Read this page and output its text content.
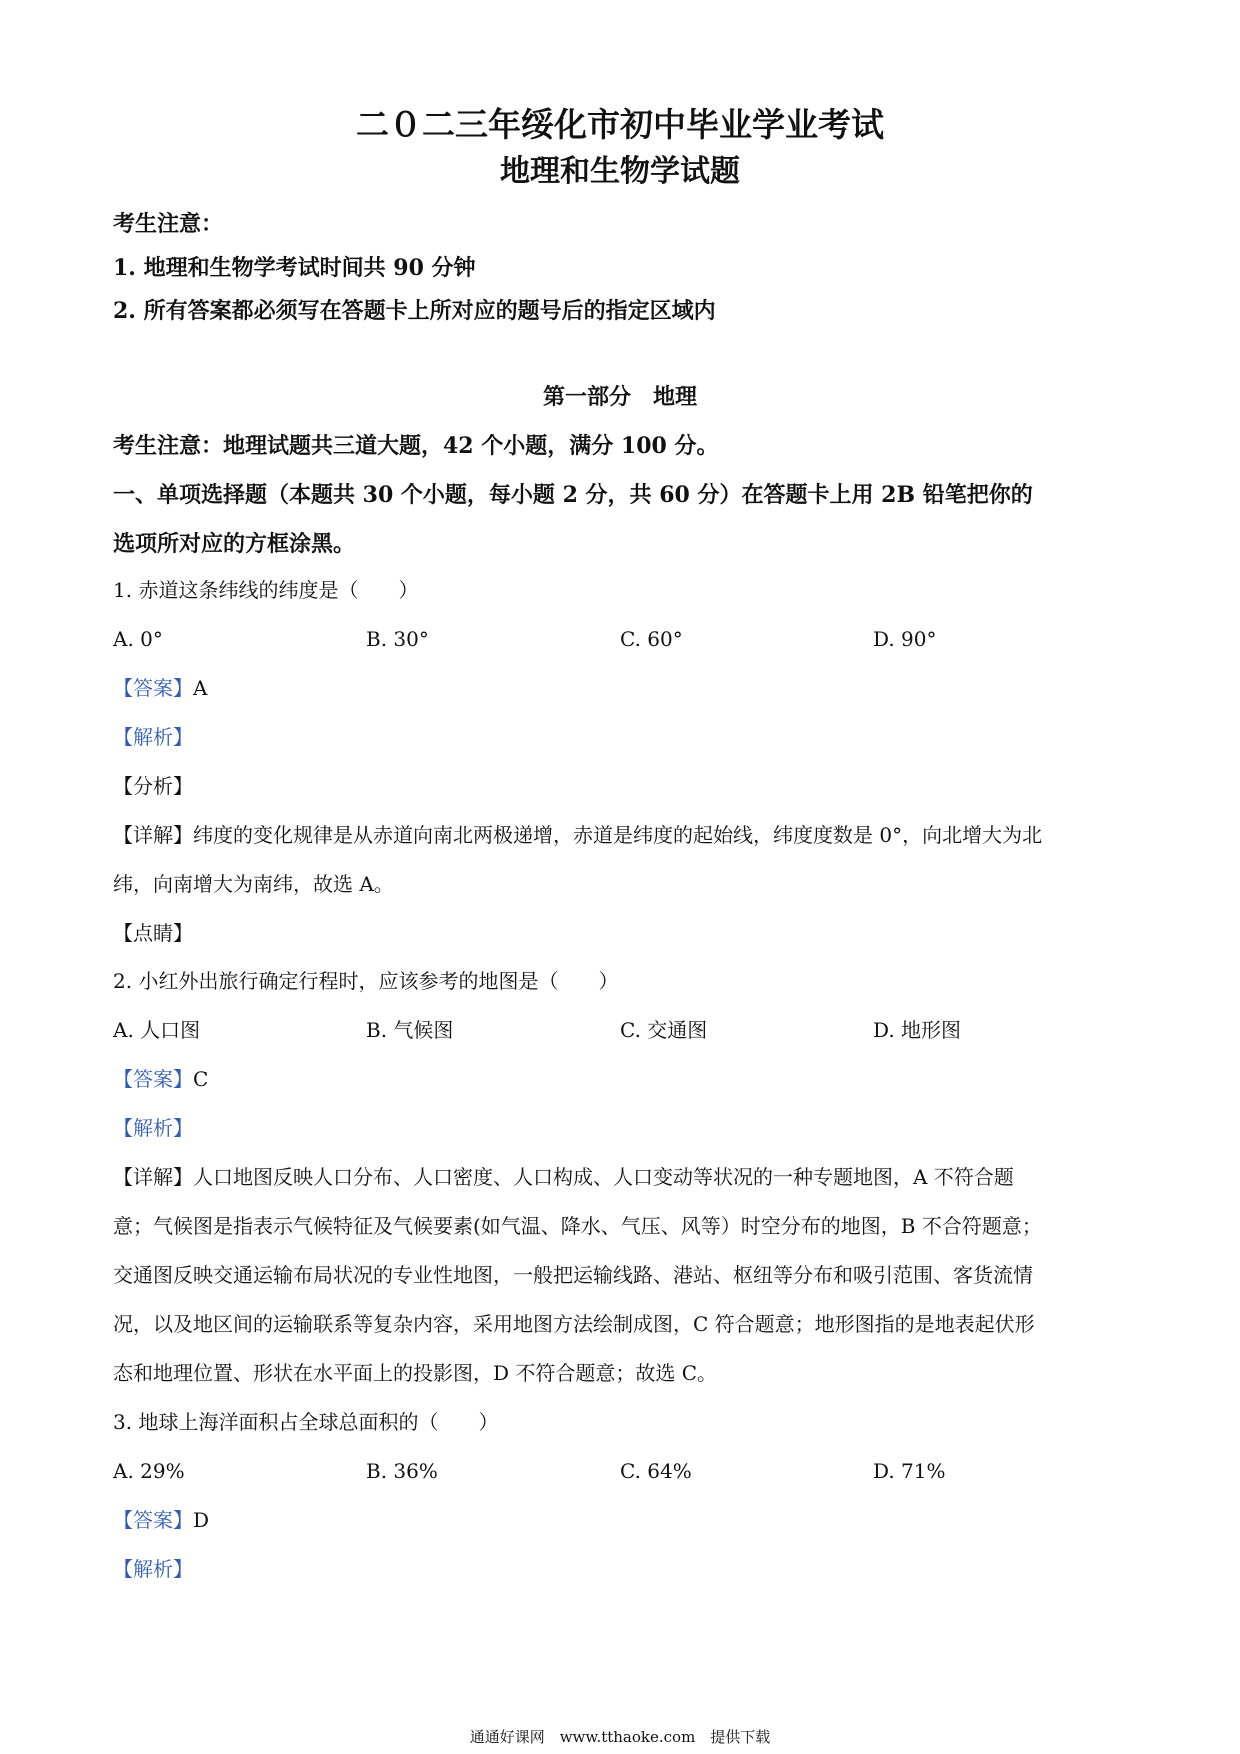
二０二三年绥化市初中毕业学业考试
地理和生物学试题
考生注意：
1. 地理和生物学考试时间共 90 分钟
2. 所有答案都必须写在答题卡上所对应的题号后的指定区域内
第一部分　地理
考生注意：地理试题共三道大题，42 个小题，满分 100 分。
一、单项选择题（本题共 30 个小题，每小题 2 分，共 60 分）在答题卡上用 2B 铅笔把你的
选项所对应的方框涂黑。
1. 赤道这条纬线的纬度是（　　）
A. 0°	B. 30°	C. 60°	D. 90°
【答案】A
【解析】
【分析】
【详解】纬度的变化规律是从赤道向南北两极递增，赤道是纬度的起始线，纬度度数是 0°，向北增大为北
纬，向南增大为南纬，故选 A。
【点睛】
2. 小红外出旅行确定行程时，应该参考的地图是（　　）
A. 人口图	B. 气候图	C. 交通图	D. 地形图
【答案】C
【解析】
【详解】人口地图反映人口分布、人口密度、人口构成、人口变动等状况的一种专题地图，A 不符合题
意；气候图是指表示气候特征及气候要素(如气温、降水、气压、风等）时空分布的地图，B 不合符题意；
交通图反映交通运输布局状况的专业性地图，一般把运输线路、港站、枢纽等分布和吸引范围、客货流情
况，以及地区间的运输联系等复杂内容，采用地图方法绘制成图，C 符合题意；地形图指的是地表起伏形
态和地理位置、形状在水平面上的投影图，D 不符合题意；故选 C。
3. 地球上海洋面积占全球总面积的（　　）
A. 29%	B. 36%	C. 64%	D. 71%
【答案】D
【解析】
通通好课网　www.tthaoke.com　提供下载
